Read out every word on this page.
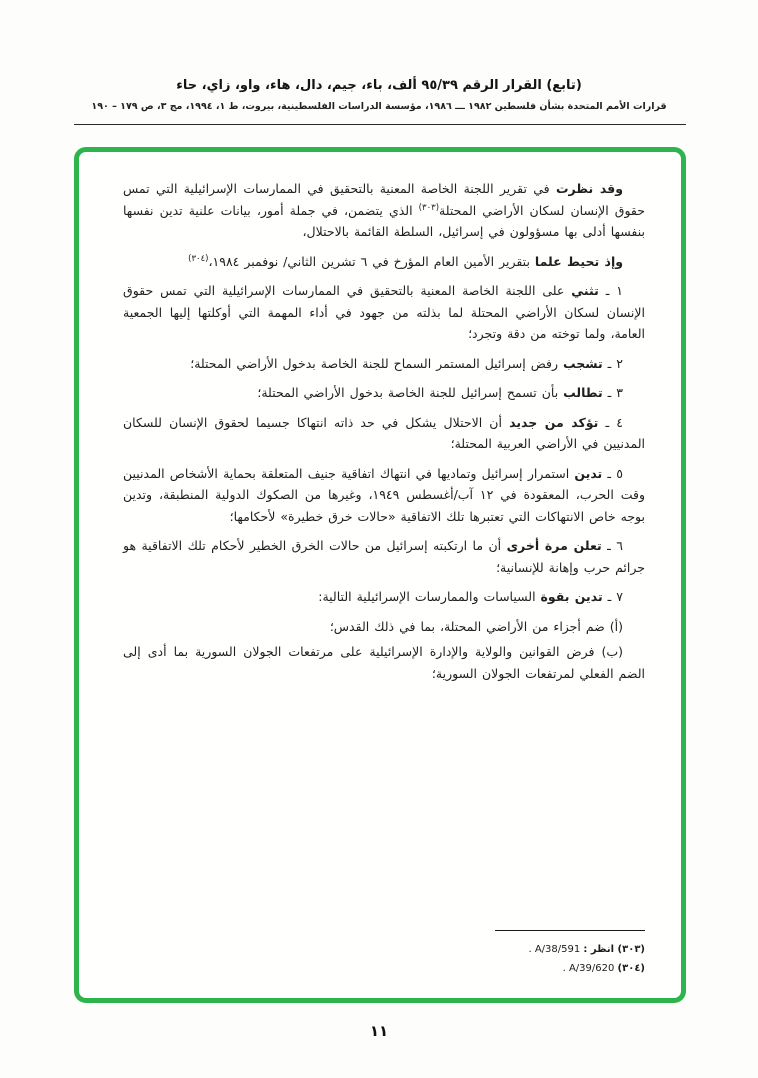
(تابع) القرار الرقم ٩٥/٣٩ ألف، باء، جيم، دال، هاء، واو، زاي، حاء
قرارات الأمم المتحدة بشأن فلسطين ١٩٨٢ ـــ ١٩٨٦، مؤسسة الدراسات الفلسطينية، بيروت، ط ١، ١٩٩٤، مج ٣، ص ١٧٩ – ١٩٠

وقد نظرت في تقرير اللجنة الخاصة المعنية بالتحقيق في الممارسات الإسرائيلية التي تمس حقوق الإنسان لسكان الأراضي المحتلة$^{(٣٠٣)}$ الذي يتضمن، في جملة أمور، بيانات علنية تدين نفسها بنفسها أدلى بها مسؤولون في إسرائيل، السلطة القائمة بالاحتلال،

وإذ تحيط علما بتقرير الأمين العام المؤرخ في ٦ تشرين الثاني/ نوفمبر ١٩٨٤،$^{(٣٠٤)}$

١ ـ تثني على اللجنة الخاصة المعنية بالتحقيق في الممارسات الإسرائيلية التي تمس حقوق الإنسان لسكان الأراضي المحتلة لما بذلته من جهود في أداء المهمة التي أوكلتها إليها الجمعية العامة، ولما توخته من دقة وتجرد؛

٢ ـ تشجب رفض إسرائيل المستمر السماح للجنة الخاصة بدخول الأراضي المحتلة؛

٣ ـ تطالب بأن تسمح إسرائيل للجنة الخاصة بدخول الأراضي المحتلة؛

٤ ـ تؤكد من جديد أن الاحتلال يشكل في حد ذاته انتهاكا جسيما لحقوق الإنسان للسكان المدنيين في الأراضي العربية المحتلة؛

٥ ـ تدين استمرار إسرائيل وتماديها في انتهاك اتفاقية جنيف المتعلقة بحماية الأشخاص المدنيين وقت الحرب، المعقودة في ١٢ آب/أغسطس ١٩٤٩، وغيرها من الصكوك الدولية المنطبقة، وتدين بوجه خاص الانتهاكات التي تعتبرها تلك الاتفاقية «حالات خرق خطيرة» لأحكامها؛

٦ ـ تعلن مرة أخرى أن ما ارتكبته إسرائيل من حالات الخرق الخطير لأحكام تلك الاتفاقية هو جرائم حرب وإهانة للإنسانية؛

٧ ـ تدين بقوة السياسات والممارسات الإسرائيلية التالية:

(أ) ضم أجزاء من الأراضي المحتلة، بما في ذلك القدس؛

(ب) فرض القوانين والولاية والإدارة الإسرائيلية على مرتفعات الجولان السورية بما أدى إلى الضم الفعلي لمرتفعات الجولان السورية؛

(٣٠٣) انظر : A/38/591 .

(٣٠٤) A/39/620 .

١١
